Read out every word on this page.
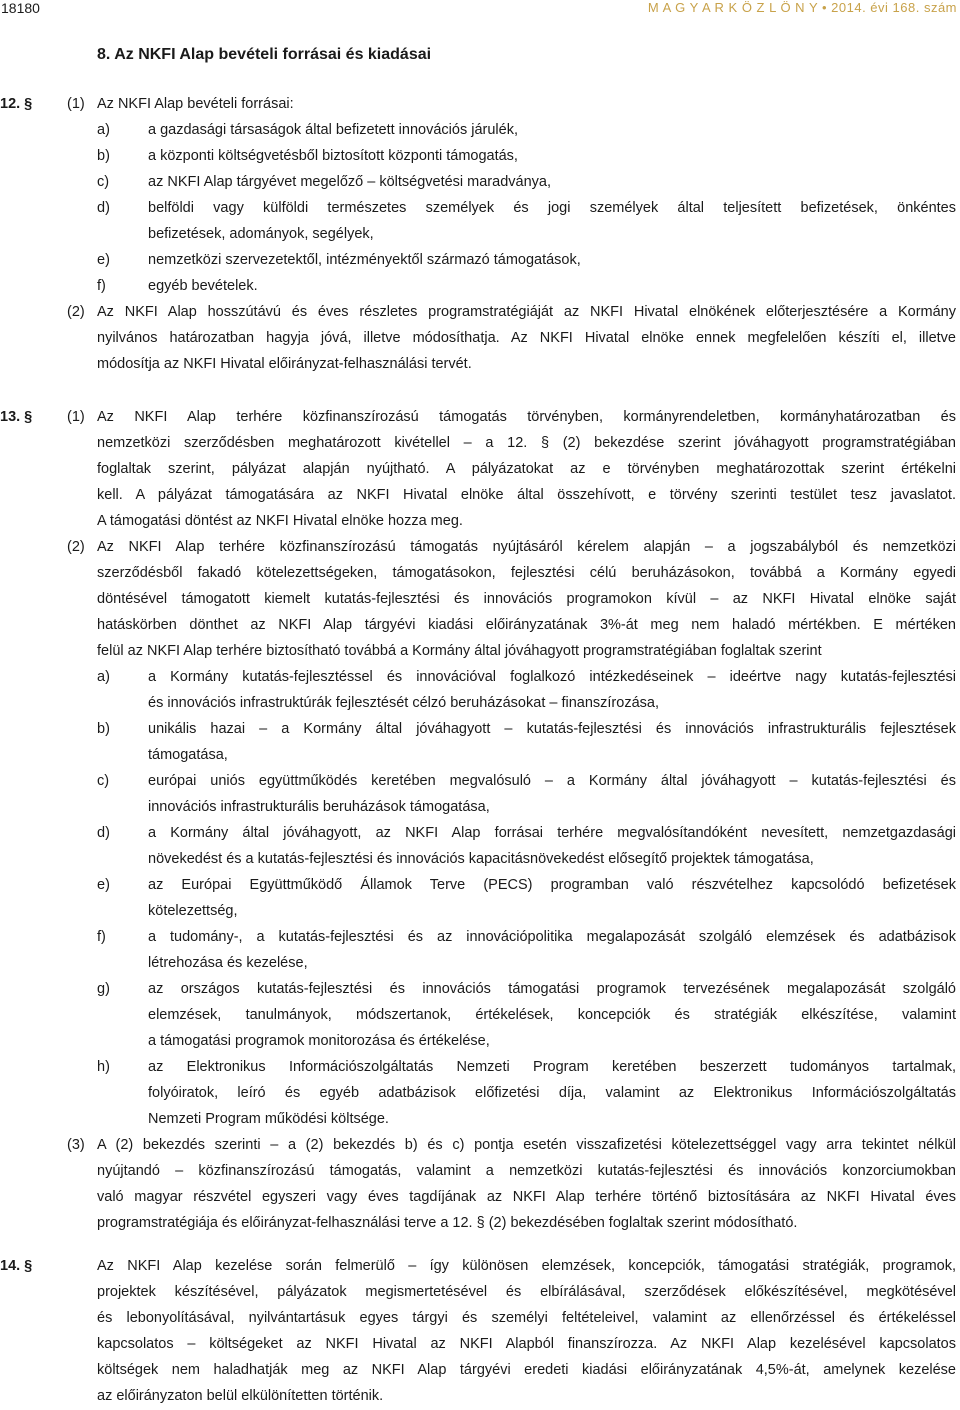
18180	M A G Y A R K Ö Z L Ö N Y • 2014. évi 168. szám
8. Az NKFI Alap bevételi forrásai és kiadásai
12. § (1) Az NKFI Alap bevételi forrásai:
a)	a gazdasági társaságok által befizetett innovációs járulék,
b)	a központi költségvetésből biztosított központi támogatás,
c)	az NKFI Alap tárgyévet megelőző – költségvetési maradványa,
d)	belföldi vagy külföldi természetes személyek és jogi személyek által teljesített befizetések, önkéntes
befizetések, adományok, segélyek,
e)	nemzetközi szervezetektől, intézményektől származó támogatások,
f)	egyéb bevételek.
(2) Az NKFI Alap hosszútávú és éves részletes programstratégiáját az NKFI Hivatal elnökének előterjesztésére a Kormány
nyilvános határozatban hagyja jóvá, illetve módosíthatja. Az NKFI Hivatal elnöke ennek megfelelően készíti el, illetve
módosítja az NKFI Hivatal előirányzat-felhasználási tervét.
13. § (1) Az NKFI Alap terhére közfinanszírozású támogatás törvényben, kormányrendeletben, kormányhatározatban és
nemzetközi szerződésben meghatározott kivétellel – a 12. § (2) bekezdése szerint jóváhagyott programstratégiában
foglaltak szerint, pályázat alapján nyújtható. A pályázatokat az e törvényben meghatározottak szerint értékelni
kell. A pályázat támogatására az NKFI Hivatal elnöke által összehívott, e törvény szerinti testület tesz javaslatot.
A támogatási döntést az NKFI Hivatal elnöke hozza meg.
(2) Az NKFI Alap terhére közfinanszírozású támogatás nyújtásáról kérelem alapján – a jogszabályból és nemzetközi
szerződésből fakadó kötelezettségeken, támogatásokon, fejlesztési célú beruházásokon, továbbá a Kormány egyedi
döntésével támogatott kiemelt kutatás-fejlesztési és innovációs programokon kívül – az NKFI Hivatal elnöke saját
hatáskörben dönthet az NKFI Alap tárgyévi kiadási előirányzatának 3%-át meg nem haladó mértékben. E mértéken
felül az NKFI Alap terhére biztosítható továbbá a Kormány által jóváhagyott programstratégiában foglaltak szerint
a)	a Kormány kutatás-fejlesztéssel és innovációval foglalkozó intézkedéseinek – ideértve nagy kutatás-fejlesztési
és innovációs infrastruktúrák fejlesztését célzó beruházásokat – finanszírozása,
b)	unikális hazai – a Kormány által jóváhagyott – kutatás-fejlesztési és innovációs infrastrukturális fejlesztések
támogatása,
c)	európai uniós együttműködés keretében megvalósuló – a Kormány által jóváhagyott – kutatás-fejlesztési és
innovációs infrastrukturális beruházások támogatása,
d)	a Kormány által jóváhagyott, az NKFI Alap forrásai terhére megvalósítandóként nevesített, nemzetgazdasági
növekedést és a kutatás-fejlesztési és innovációs kapacitásnövekedést elősegítő projektek támogatása,
e)	az Európai Együttműködő Államok Terve (PECS) programban való részvételhez kapcsolódó befizetések
kötelezettség,
f)	a tudomány-, a kutatás-fejlesztési és az innovációpolitika megalapozását szolgáló elemzések és adatbázisok
létrehozása és kezelése,
g)	az országos kutatás-fejlesztési és innovációs támogatási programok tervezésének megalapozását szolgáló
elemzések, tanulmányok, módszertanok, értékelések, koncepciók és stratégiák elkészítése, valamint
a támogatási programok monitorozása és értékelése,
h)	az Elektronikus Információszolgáltatás Nemzeti Program keretében beszerzett tudományos tartalmak,
folyóiratok, leíró és egyéb adatbázisok előfizetési díja, valamint az Elektronikus Információszolgáltatás
Nemzeti Program működési költsége.
(3) A (2) bekezdés szerinti – a (2) bekezdés b) és c) pontja esetén visszafizetési kötelezettséggel vagy arra tekintet nélkül
nyújtandó – közfinanszírozású támogatás, valamint a nemzetközi kutatás-fejlesztési és innovációs konzorciumokban
való magyar részvétel egyszeri vagy éves tagdíjának az NKFI Alap terhére történő biztosítására az NKFI Hivatal éves
programstratégiája és előirányzat-felhasználási terve a 12. § (2) bekezdésében foglaltak szerint módosítható.
14. §	Az NKFI Alap kezelése során felmerülő – így különösen elemzések, koncepciók, támogatási stratégiák, programok,
projektek készítésével, pályázatok megismertetésével és elbírálásával, szerződések előkészítésével, megkötésével
és lebonyolításával, nyilvántartásuk egyes tárgyi és személyi feltételeivel, valamint az ellenőrzéssel és értékeléssel
kapcsolatos – költségeket az NKFI Hivatal az NKFI Alapból finanszírozza. Az NKFI Alap kezelésével kapcsolatos
költségek nem haladhatják meg az NKFI Alap tárgyévi eredeti kiadási előirányzatának 4,5%-át, amelynek kezelése
az előirányzaton belül elkülönítetten történik.
